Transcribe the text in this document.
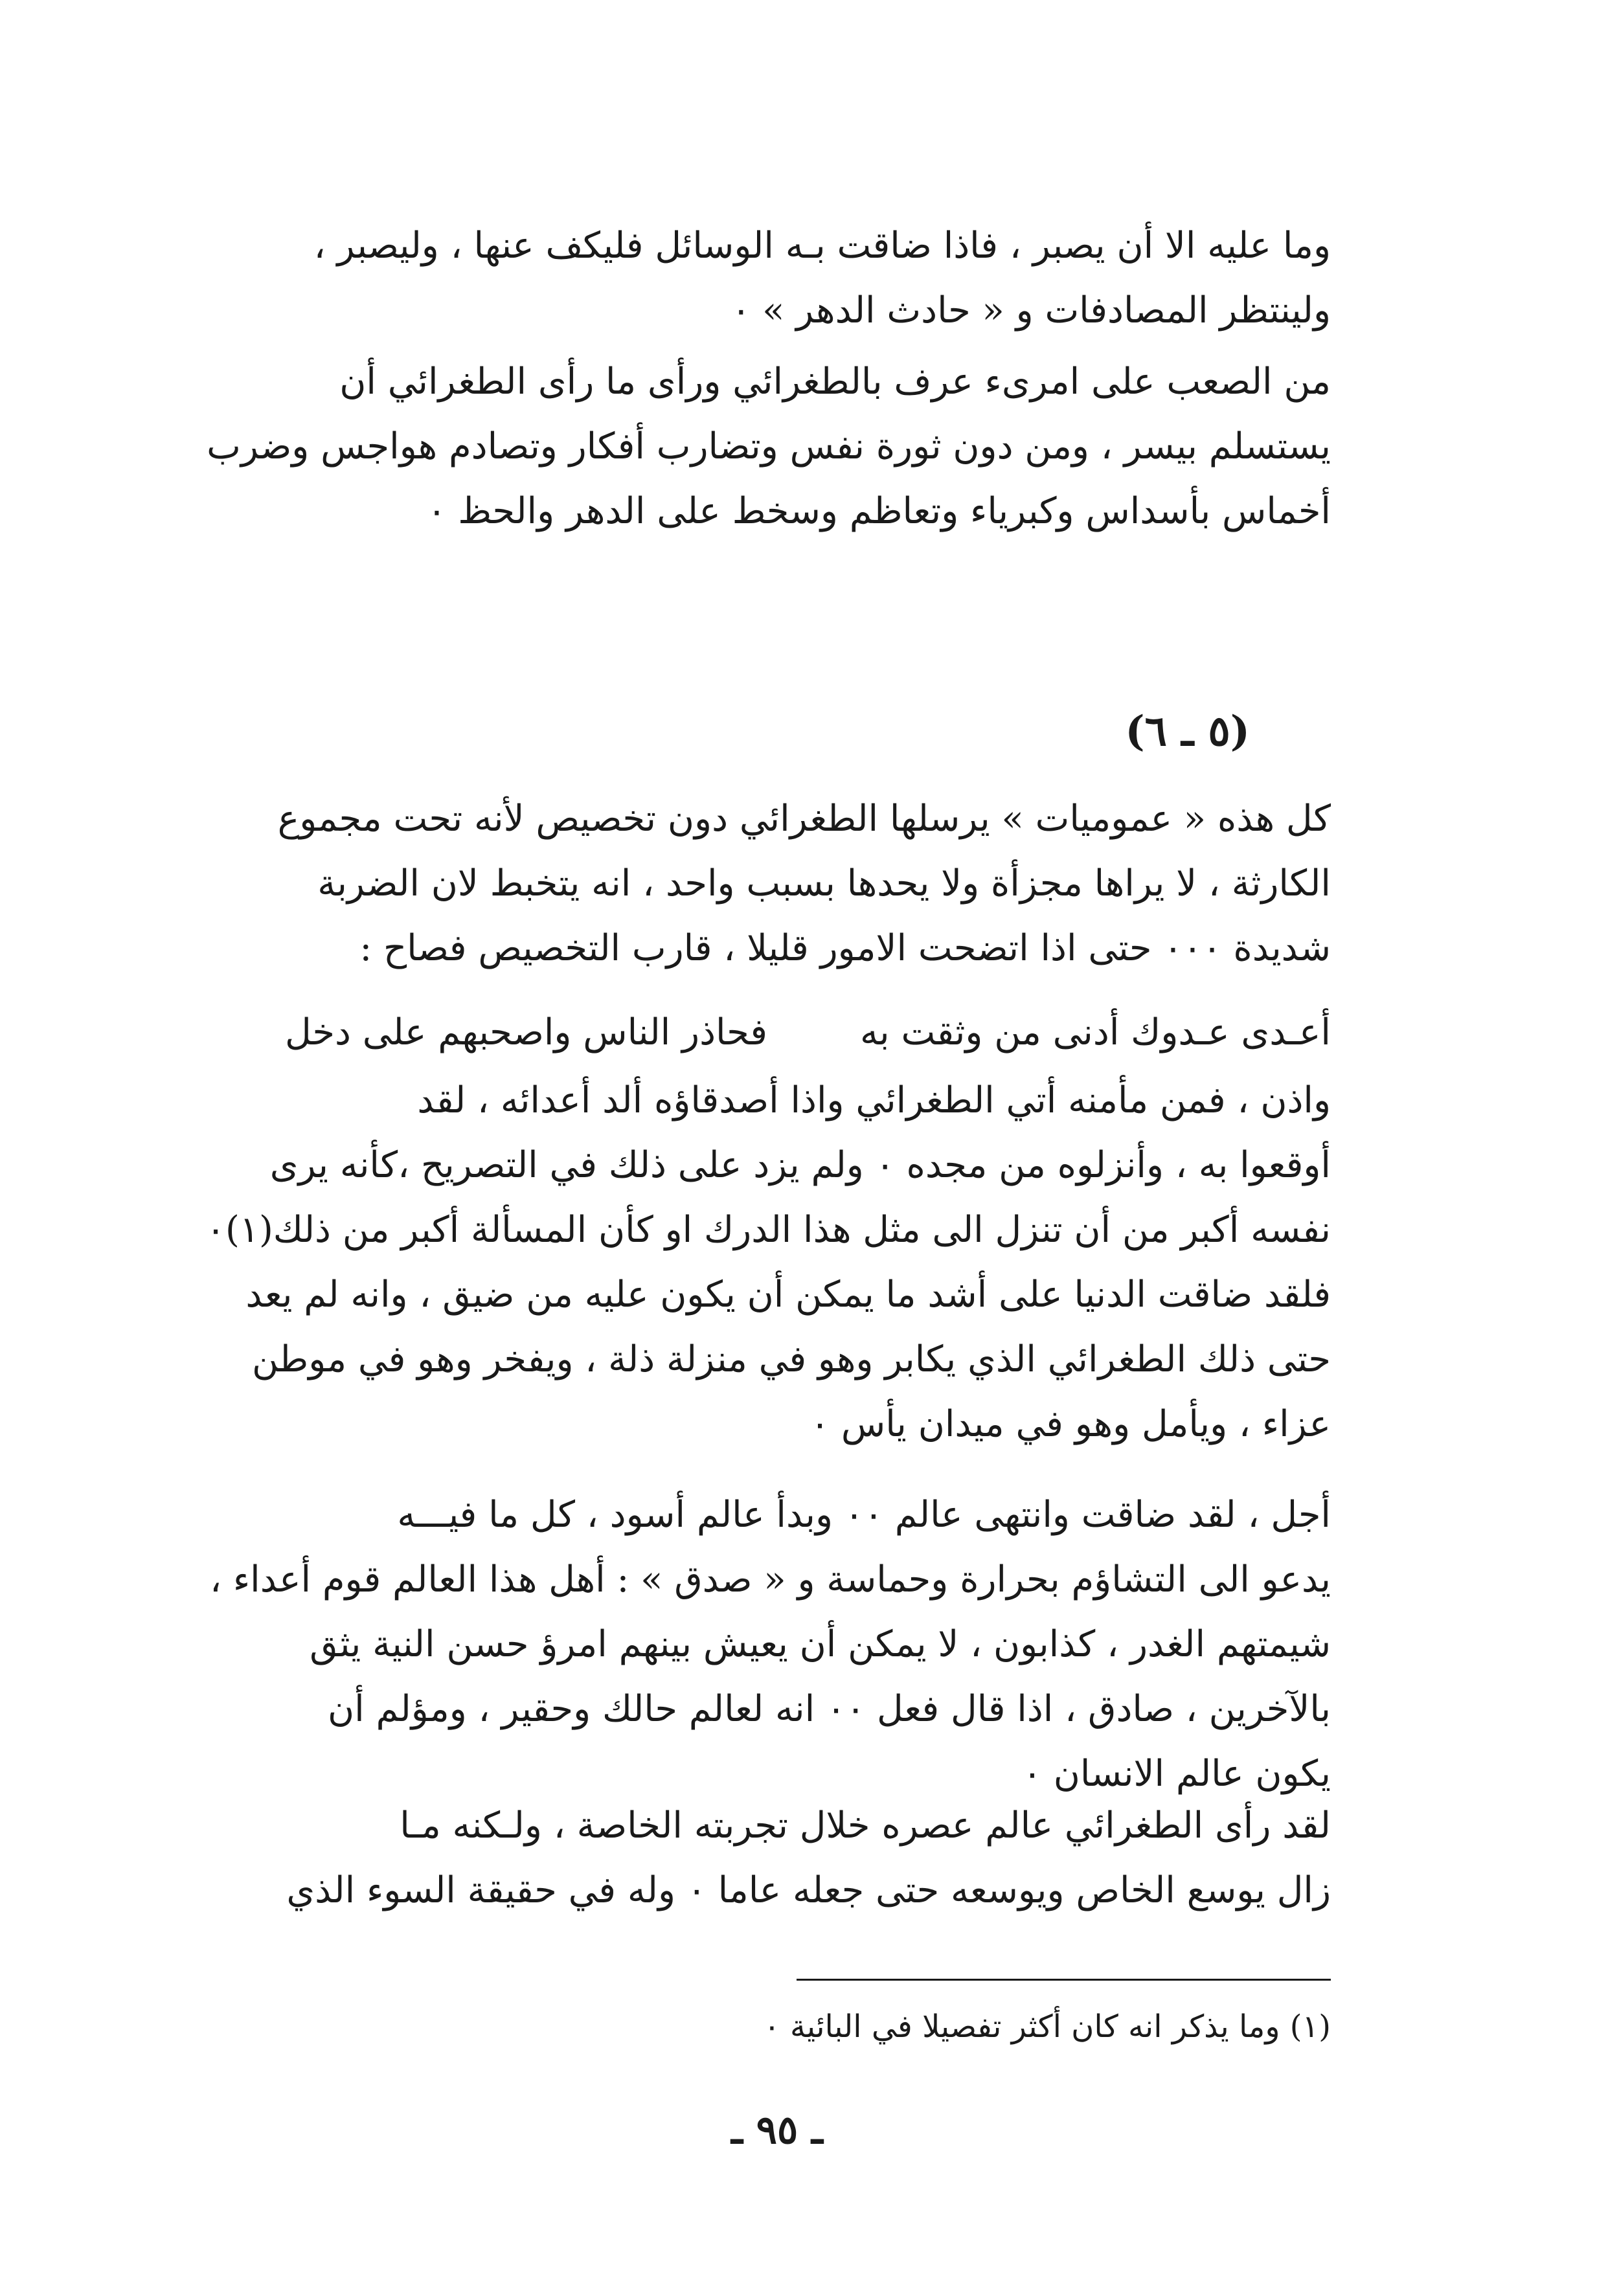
وما عليه الا أن يصبر ، فاذا ضاقت بـه الوسائل فليكف عنها ، وليصبر ،
ولينتظر المصادفات و « حادث الدهر » ٠
من الصعب على امرىء عرف بالطغرائي ورأى ما رأى الطغرائي أن
يستسلم بيسر ، ومن دون ثورة نفس وتضارب أفكار وتصادم هواجس وضرب
أخماس بأسداس وكبرياء وتعاظم وسخط على الدهر والحظ ٠
(٥ ـ ٦)
كل هذه « عموميات » يرسلها الطغرائي دون تخصيص لأنه تحت مجموع
الكارثة ، لا يراها مجزأة ولا يحدها بسبب واحد ، انه يتخبط لان الضربة
شديدة ٠٠٠ حتى اذا اتضحت الامور قليلا ، قارب التخصيص فصاح :
أعـدى عـدوك أدنى من وثقت به
فحاذر الناس واصحبهم على دخل
واذن ، فمن مأمنه أتي الطغرائي واذا أصدقاؤه ألد أعدائه ، لقد
أوقعوا به ، وأنزلوه من مجده ٠ ولم يزد على ذلك في التصريح ،كأنه يرى
نفسه أكبر من أن تنزل الى مثل هذا الدرك او كأن المسألة أكبر من ذلك(١)٠
فلقد ضاقت الدنيا على أشد ما يمكن أن يكون عليه من ضيق ، وانه لم يعد
حتى ذلك الطغرائي الذي يكابر وهو في منزلة ذلة ، ويفخر وهو في موطن
عزاء ، ويأمل وهو في ميدان يأس ٠
أجل ، لقد ضاقت وانتهى عالم ٠٠ وبدأ عالم أسود ، كل ما فيـــه
يدعو الى التشاؤم بحرارة وحماسة و « صدق » : أهل هذا العالم قوم أعداء ،
شيمتهم الغدر ، كذابون ، لا يمكن أن يعيش بينهم امرؤ حسن النية يثق
بالآخرين ، صادق ، اذا قال فعل ٠٠ انه لعالم حالك وحقير ، ومؤلم أن
يكون عالم الانسان ٠
لقد رأى الطغرائي عالم عصره خلال تجربته الخاصة ، ولـكنه مـا
زال يوسع الخاص ويوسعه حتى جعله عاما ٠ وله في حقيقة السوء الذي
(١) وما يذكر انه كان أكثر تفصيلا في البائية ٠
ـ ٩٥ ـ
